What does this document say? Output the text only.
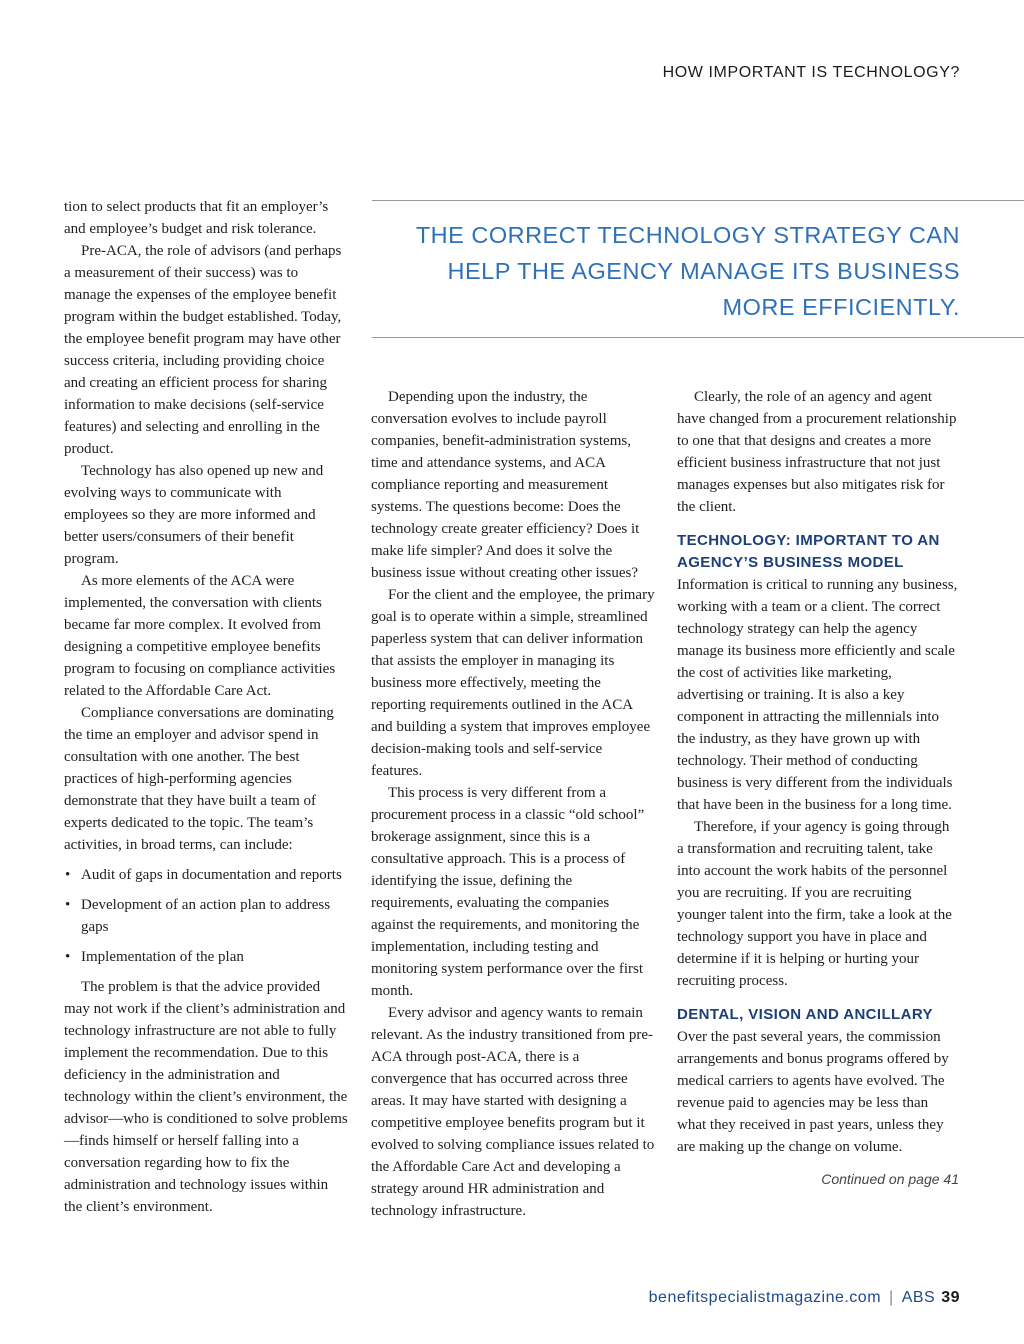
HOW IMPORTANT IS TECHNOLOGY?

tion to select products that fit an employer’s and employee’s budget and risk tolerance.

Pre-ACA, the role of advisors (and perhaps a measurement of their success) was to manage the expenses of the employee benefit program within the budget established. Today, the employee benefit program may have other success criteria, including providing choice and creating an efficient process for sharing information to make decisions (self-service features) and selecting and enrolling in the product.

Technology has also opened up new and evolving ways to communicate with employees so they are more informed and better users/consumers of their benefit program.

As more elements of the ACA were implemented, the conversation with clients became far more complex. It evolved from designing a competitive employee benefits program to focusing on compliance activities related to the Affordable Care Act.

Compliance conversations are dominating the time an employer and advisor spend in consultation with one another. The best practices of high-performing agencies demonstrate that they have built a team of experts dedicated to the topic. The team’s activities, in broad terms, can include:

• Audit of gaps in documentation and reports
• Development of an action plan to address gaps
• Implementation of the plan

The problem is that the advice provided may not work if the client’s administration and technology infrastructure are not able to fully implement the recommendation. Due to this deficiency in the administration and technology within the client’s environment, the advisor—who is conditioned to solve problems—finds himself or herself falling into a conversation regarding how to fix the administration and technology issues within the client’s environment.

THE CORRECT TECHNOLOGY STRATEGY CAN HELP THE AGENCY MANAGE ITS BUSINESS MORE EFFICIENTLY.

Depending upon the industry, the conversation evolves to include payroll companies, benefit-administration systems, time and attendance systems, and ACA compliance reporting and measurement systems. The questions become: Does the technology create greater efficiency? Does it make life simpler? And does it solve the business issue without creating other issues?

For the client and the employee, the primary goal is to operate within a simple, streamlined paperless system that can deliver information that assists the employer in managing its business more effectively, meeting the reporting requirements outlined in the ACA and building a system that improves employee decision-making tools and self-service features.

This process is very different from a procurement process in a classic “old school” brokerage assignment, since this is a consultative approach. This is a process of identifying the issue, defining the requirements, evaluating the companies against the requirements, and monitoring the implementation, including testing and monitoring system performance over the first month.

Every advisor and agency wants to remain relevant. As the industry transitioned from pre-ACA through post-ACA, there is a convergence that has occurred across three areas. It may have started with designing a competitive employee benefits program but it evolved to solving compliance issues related to the Affordable Care Act and developing a strategy around HR administration and technology infrastructure.

Clearly, the role of an agency and agent have changed from a procurement relationship to one that that designs and creates a more efficient business infrastructure that not just manages expenses but also mitigates risk for the client.

TECHNOLOGY: IMPORTANT TO AN AGENCY’S BUSINESS MODEL

Information is critical to running any business, working with a team or a client. The correct technology strategy can help the agency manage its business more efficiently and scale the cost of activities like marketing, advertising or training. It is also a key component in attracting the millennials into the industry, as they have grown up with technology. Their method of conducting business is very different from the individuals that have been in the business for a long time.

Therefore, if your agency is going through a transformation and recruiting talent, take into account the work habits of the personnel you are recruiting. If you are recruiting younger talent into the firm, take a look at the technology support you have in place and determine if it is helping or hurting your recruiting process.

DENTAL, VISION AND ANCILLARY

Over the past several years, the commission arrangements and bonus programs offered by medical carriers to agents have evolved. The revenue paid to agencies may be less than what they received in past years, unless they are making up the change on volume.

Continued on page 41
benefitspecialistmagazine.com | ABS 39
